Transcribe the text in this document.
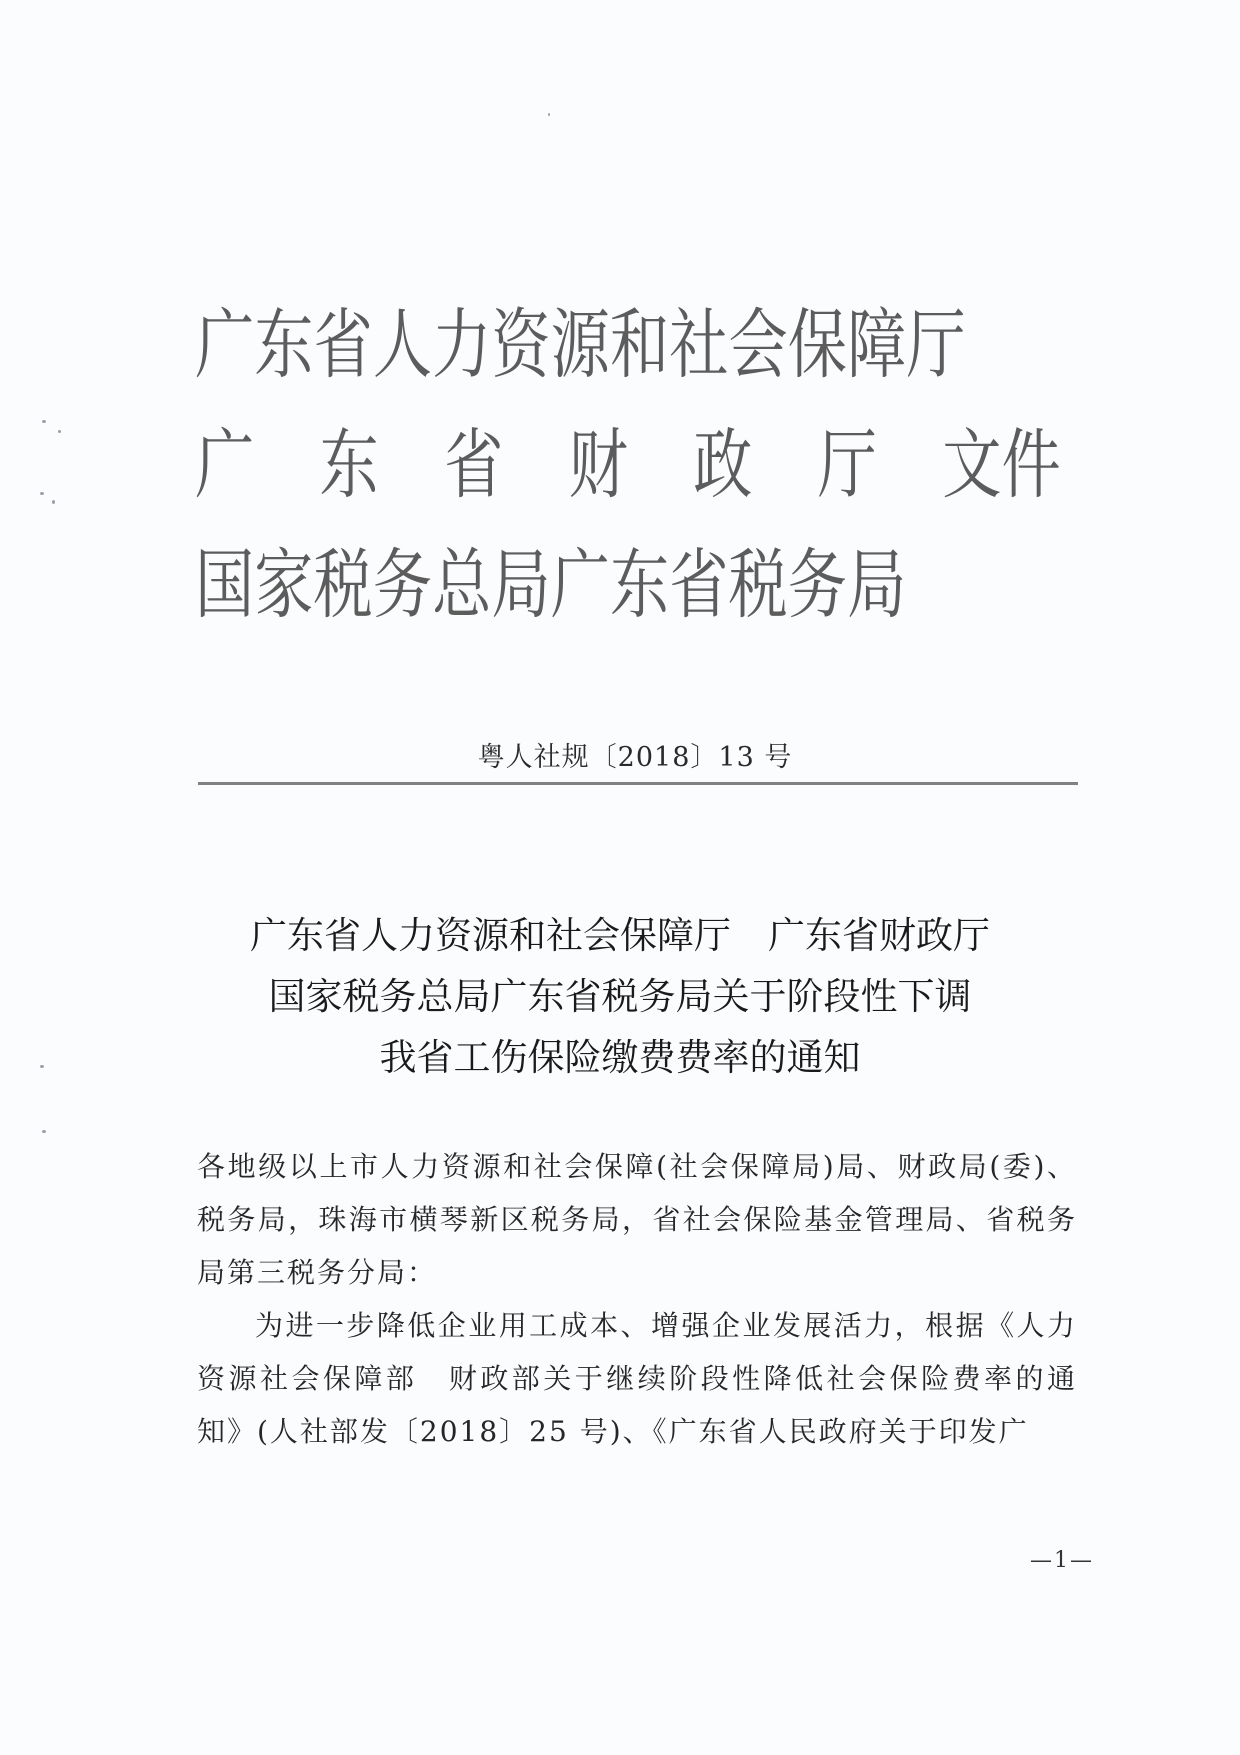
广东省人力资源和社会保障厅
广 东 省 财 政 厅 文件
国家税务总局广东省税务局
粤人社规〔2018〕13 号
广东省人力资源和社会保障厅　广东省财政厅
国家税务总局广东省税务局关于阶段性下调
我省工伤保险缴费费率的通知

各地级以上市人力资源和社会保障(社会保障局)局、财政局(委)、税务局，珠海市横琴新区税务局，省社会保险基金管理局、省税务局第三税务分局：

为进一步降低企业用工成本、增强企业发展活力，根据《人力资源社会保障部　财政部关于继续阶段性降低社会保险费率的通知》(人社部发〔2018〕25 号)、《广东省人民政府关于印发广

—1—
